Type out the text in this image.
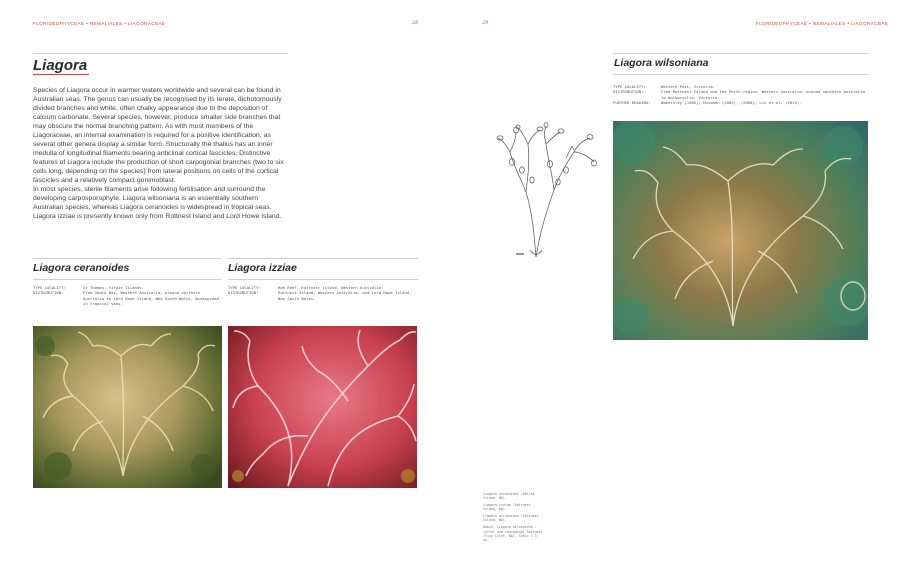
FLORIDEOPHYCEAE • NEMALIALES • LIAGORACEAE	28
Liagora

Species of Liagora occur in warmer waters worldwide and several can be found in Australian seas. The genus can usually be recognised by its terete, dichotomously divided branches and white, often chalky appearance due to the deposition of calcium carbonate. Several species, however, produce smaller side branches that may obscure the normal branching pattern. As with most members of the Liagoraceae, an internal examination is required for a positive identification, as several other genera display a similar form. Structurally the thallus has an inner medulla of longitudinal filaments bearing anticlinal cortical fascicles. Distinctive features of Liagora include the production of short carpogonial branches (two to six cells long, depending on the species) from lateral positions on cells of the cortical fascicles and a relatively compact gonimoblast.

In most species, sterile filaments arise following fertilisation and surround the developing carposporophyte. Liagora wilsoniana is an essentially southern Australian species, whereas Liagora ceranoides is widespread in tropical seas. Liagora izziae is presently known only from Rottnest Island and Lord Howe Island.

Liagora ceranoides
TYPE LOCALITY:	St Thomas, Virgin Islands.
DISTRIBUTION:	From Shark Bay, Western Australia, around northern Australia to Lord Howe Island, New South Wales. Widespread in tropical seas.
Liagora izziae
TYPE LOCALITY:	Roe Reef, Rottnest Island, Western Australia.
DISTRIBUTION:	Rottnest Island, Western Australia, and Lord Howe Island, New South Wales.
29	FLORIDEOPHYCEAE • NEMALIALES • LIAGORACEAE
Liagora wilsoniana
TYPE LOCALITY:	Western Port, Victoria.
DISTRIBUTION:	From Rottnest Island and the Perth region, Western Australia, around southern Australia to Walkerville, Victoria.
FURTHER READING:	Womersley (1965); Huisman (2002), (2006); Lin et al. (2015).
Liagora ceranoides (Dallas Island, WA).
Liagora izziae (Rottnest Island, WA).
Liagora wilsoniana (Rottnest Island, WA).
Habit: Liagora wilsoniana — (after and redrawing) Rottnest (Tiny Islet, WA). Scale = 3 cm.
